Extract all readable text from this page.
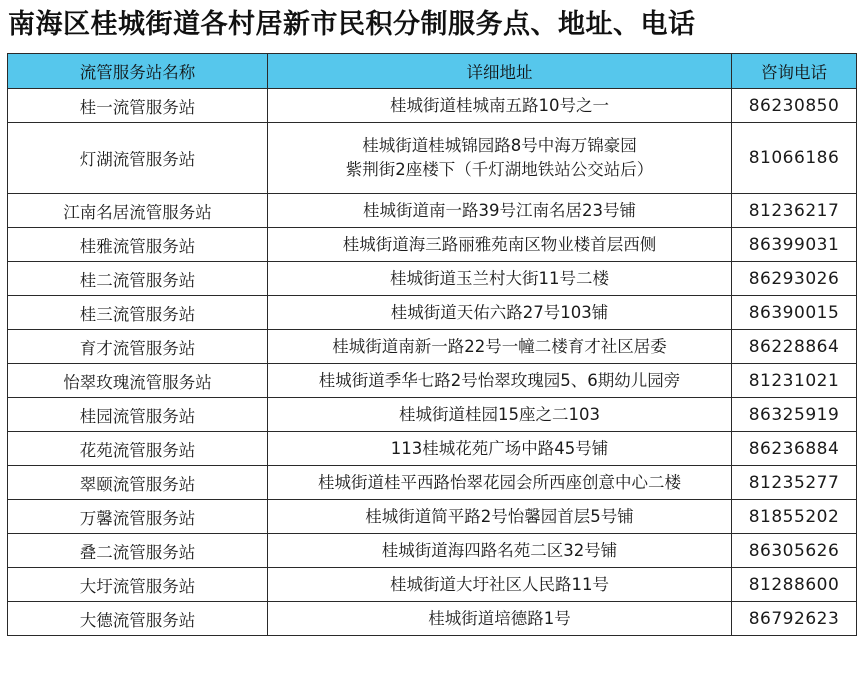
南海区桂城街道各村居新市民积分制服务点、地址、电话
流管服务站名称	详细地址	咨询电话
桂一流管服务站	桂城街道桂城南五路10号之一	86230850
灯湖流管服务站	桂城街道桂城锦园路8号中海万锦豪园
紫荆街2座楼下（千灯湖地铁站公交站后）	81066186
江南名居流管服务站	桂城街道南一路39号江南名居23号铺	81236217
桂雅流管服务站	桂城街道海三路丽雅苑南区物业楼首层西侧	86399031
桂二流管服务站	桂城街道玉兰村大街11号二楼	86293026
桂三流管服务站	桂城街道天佑六路27号103铺	86390015
育才流管服务站	桂城街道南新一路22号一幢二楼育才社区居委	86228864
怡翠玫瑰流管服务站	桂城街道季华七路2号怡翠玫瑰园5、6期幼儿园旁	81231021
桂园流管服务站	桂城街道桂园15座之二103	86325919
花苑流管服务站	113桂城花苑广场中路45号铺	86236884
翠颐流管服务站	桂城街道桂平西路怡翠花园会所西座创意中心二楼	81235277
万馨流管服务站	桂城街道简平路2号怡馨园首层5号铺	81855202
叠二流管服务站	桂城街道海四路名苑二区32号铺	86305626
大圩流管服务站	桂城街道大圩社区人民路11号	81288600
大德流管服务站	桂城街道培德路1号	86792623
